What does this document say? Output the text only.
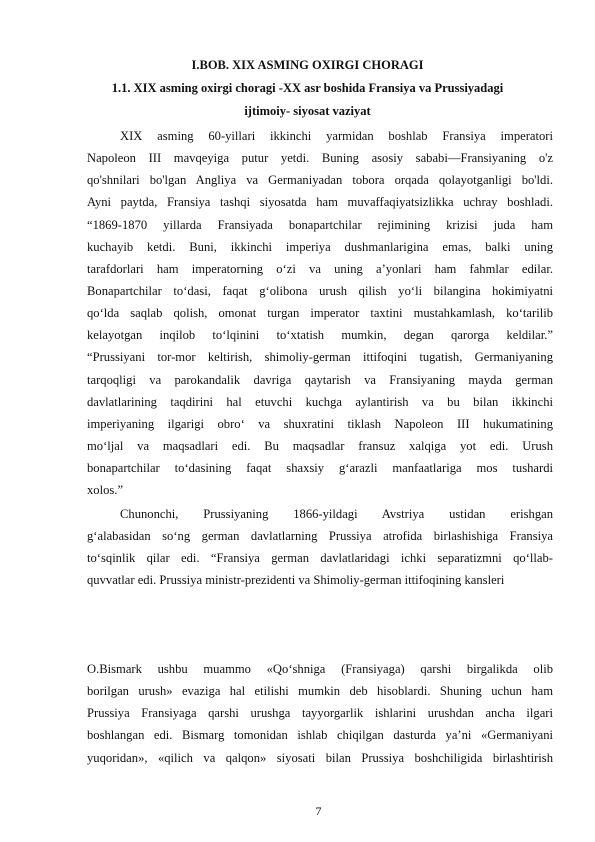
I.BOB. XIX ASMING OXIRGI CHORAGI
1.1. XIX asming oxirgi choragi -XX asr boshida Fransiya va Prussiyadagi
ijtimoiy- siyosat vaziyat
XIX asming 60-yillari ikkinchi yarmidan boshlab Fransiya imperatori
Napoleon III mavqeyiga putur yetdi. Buning asosiy sababi—Fransiyaning o'z
qo'shnilari bo'lgan Angliya va Germaniyadan tobora orqada qolayotganligi bo'ldi.
Ayni paytda, Fransiya tashqi siyosatda ham muvaffaqiyatsizlikka uchray boshladi.
“1869-1870 yillarda Fransiyada bonapartchilar rejimining krizisi juda ham
kuchayib ketdi. Buni, ikkinchi imperiya dushmanlarigina emas, balki uning
tarafdorlari ham imperatorning o‘zi va uning a’yonlari ham fahmlar edilar.
Bonapartchilar to‘dasi, faqat g‘olibona urush qilish yo‘li bilangina hokimiyatni
qo‘lda saqlab qolish, omonat turgan imperator taxtini mustahkamlash, ko‘tarilib
kelayotgan inqilob to‘lqinini to‘xtatish mumkin, degan qarorga keldilar.”
“Prussiyani tor-mor keltirish, shimoliy-german ittifoqini tugatish, Germaniyaning
tarqoqligi va parokandalik davriga qaytarish va Fransiyaning mayda german
davlatlarining taqdirini hal etuvchi kuchga aylantirish va bu bilan ikkinchi
imperiyaning ilgarigi obro‘ va shuxratini tiklash Napoleon III hukumatining
mo‘ljal va maqsadlari edi. Bu maqsadlar fransuz xalqiga yot edi. Urush
bonapartchilar to‘dasining faqat shaxsiy g‘arazli manfaatlariga mos tushardi
xolos.”
Chunonchi, Prussiyaning 1866-yildagi Avstriya ustidan erishgan
g‘alabasidan so‘ng german davlatlarning Prussiya atrofida birlashishiga Fransiya
to‘sqinlik qilar edi. “Fransiya german davlatlaridagi ichki separatizmni qo‘llab-
quvvatlar edi. Prussiya ministr-prezidenti va Shimoliy-german ittifoqining kansleri
O.Bismark ushbu muammo «Qo‘shniga (Fransiyaga) qarshi birgalikda olib
borilgan urush» evaziga hal etilishi mumkin deb hisoblardi. Shuning uchun ham
Prussiya Fransiyaga qarshi urushga tayyorgarlik ishlarini urushdan ancha ilgari
boshlangan edi. Bismarg tomonidan ishlab chiqilgan dasturda ya’ni «Germaniyani
yuqoridan», «qilich va qalqon» siyosati bilan Prussiya boshchiligida birlashtirish
7
